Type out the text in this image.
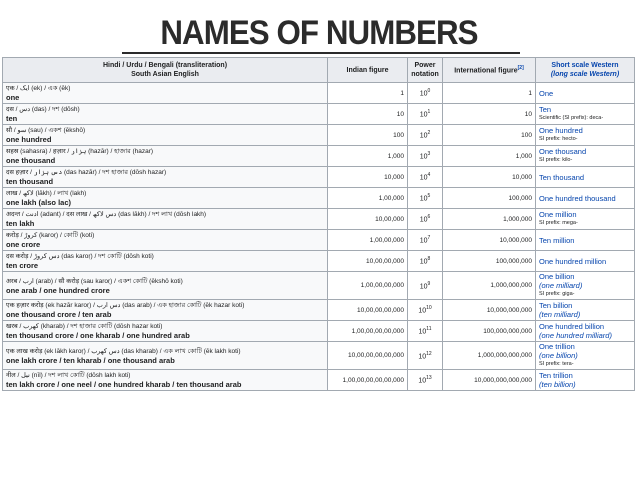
NAMES OF NUMBERS
Hindi / Urdu / Bengali (transliteration)
South Asian English	Indian figure	Power
notation	International figure[2]	Short scale Western
(long scale Western)

एक / ایک (ek) / এক (ēk)
one	1	$10^0$	1	One

दस / دس (das) / দশ (dōsh)
ten	10	$10^1$	10	Ten
Scientific (SI prefix): deca-

सौ / سو (sau) / একশ (ēkshō)
one hundred	100	$10^2$	100	One hundred
SI prefix: hecto-

सहस्र (sahasra) / हज़ार / ہزار (hazār) / হাজার (hazar)
one thousand	1,000	$10^3$	1,000	One thousand
SI prefix: kilo-

दस हज़ार / دس ہزار (das hazār) / দশ হাজার (dōsh hazar)
ten thousand	10,000	$10^4$	10,000	Ten thousand

लाख / لاکھ (lākh) / লাখ (lakh)
one lakh (also lac)	1,00,000	$10^5$	100,000	One hundred thousand

अदन्त / ادنت (adant) / दस लाख / دس لاکھ (das lākh) / দশ লাখ (dōsh lakh)
ten lakh	10,00,000	$10^6$	1,000,000	One million
SI prefix: mega-

करोड़ / کروڑ (karoṛ) / কোটি (koti)
one crore	1,00,00,000	$10^7$	10,000,000	Ten million

दस करोड़ / دس کروڑ (das karoṛ) / দশ কোটি (dōsh koti)
ten crore	10,00,00,000	$10^8$	100,000,000	One hundred million

अरब / ارب (arab) / सौ करोड़ (sau karoṛ) / একশ কোটি (ēkshō koti)
one arab / one hundred crore	1,00,00,00,000	$10^9$	1,000,000,000	One billion
(one milliard)
SI prefix: giga-

एक हज़ार करोड़ (ek hazār karoṛ) / دس ارب (das arab) / এক হাজার কোটি (ēk hazar koti)
one thousand crore / ten arab	10,00,00,00,000	$10^{10}$	10,000,000,000	Ten billion
(ten milliard)

खरब / کھرب (kharab) / দশ হাজার কোটি (dōsh hazar koti)
ten thousand crore / one kharab / one hundred arab	1,00,00,00,00,000	$10^{11}$	100,000,000,000	One hundred billion
(one hundred milliard)

एक लाख करोड़ (ek lākh karoṛ) / دس کھرب (das kharab) / এক লাখ কোটি (ēk lakh koti)
one lakh crore / ten kharab / one thousand arab	10,00,00,00,00,000	$10^{12}$	1,000,000,000,000	One trillion
(one billion)
SI prefix: tera-

नील / نیل (nīl) / দশ লাখ কোটি (dōsh lakh koti)
ten lakh crore / one neel / one hundred kharab / ten thousand arab	1,00,00,00,00,00,000	$10^{13}$	10,000,000,000,000	Ten trillion
(ten billion)
